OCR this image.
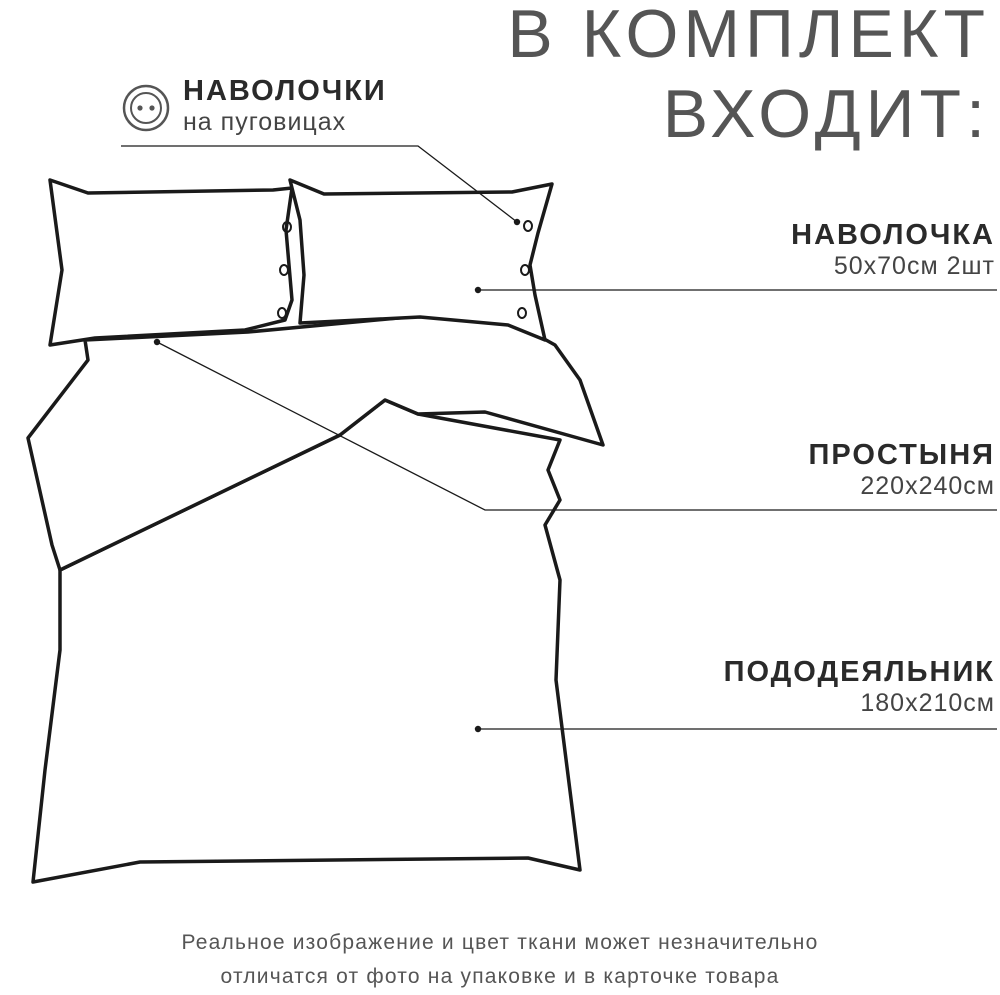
В КОМПЛЕКТ
ВХОДИТ:
НАВОЛОЧКИ
на пуговицах
НАВОЛОЧКА
50х70см 2шт
ПРОСТЫНЯ
220х240см
ПОДОДЕЯЛЬНИК
180х210см
Реальное изображение и цвет ткани может незначительно
отличатся от фото на упаковке и в карточке товара
